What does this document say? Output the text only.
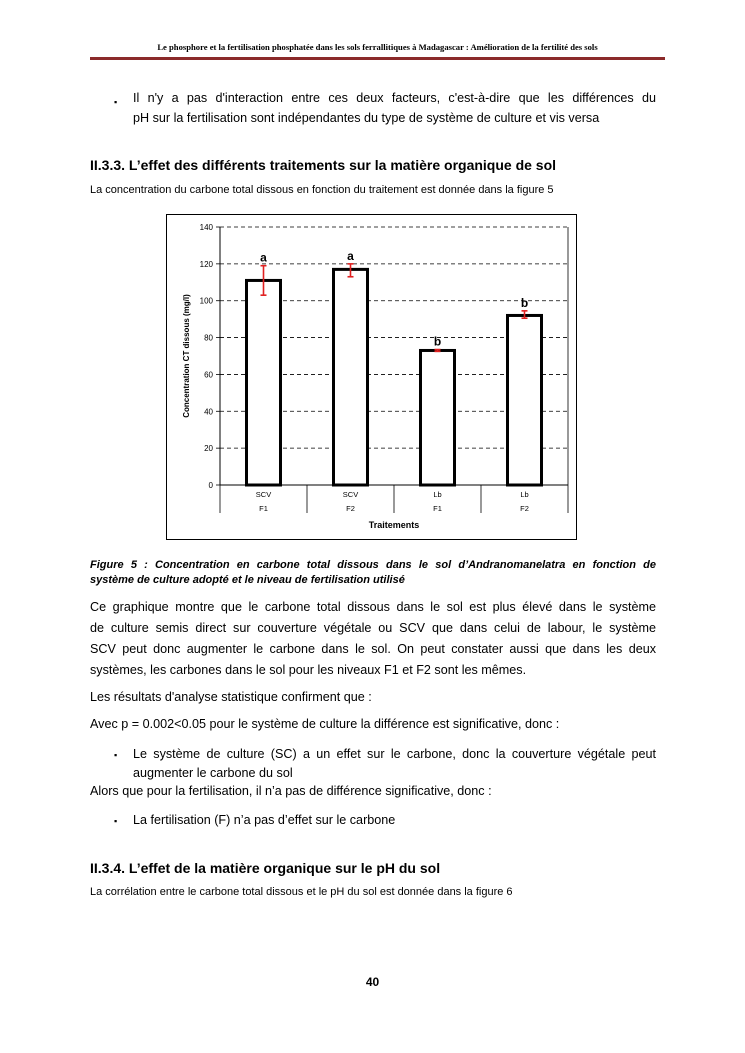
Le phosphore et la fertilisation phosphatée dans les sols ferrallitiques à Madagascar : Amélioration de la fertilité des sols
▪ Il n'y a pas d'interaction entre ces deux facteurs, c'est-à-dire que les différences du
pH sur la fertilisation sont indépendantes du type de système de culture et vis versa
II.3.3. L’effet des différents traitements sur la matière organique de sol
La concentration du carbone total dissous en fonction du traitement est donnée dans la figure 5
0
20
40
60
80
100
120
140
a
SCV
F1
a
SCV
F2
b
Lb
F1
b
Lb
F2
Traitements
Concentration CT dissous (mg/l)
Figure 5 : Concentration en carbone total dissous dans le sol d’Andranomanelatra en fonction de
système de culture adopté et le niveau de fertilisation utilisé
Ce graphique montre que le carbone total dissous dans le sol est plus élevé dans le système
de culture semis direct sur couverture végétale ou SCV que dans celui de labour, le système
SCV peut donc augmenter le carbone dans le sol. On peut constater aussi que dans les deux
systèmes, les carbones dans le sol pour les niveaux F1 et F2 sont les mêmes.
Les résultats d'analyse statistique confirment que :
Avec p = 0.002<0.05 pour le système de culture la différence est significative, donc :
▪ Le système de culture (SC) a un effet sur le carbone, donc la couverture végétale peut
augmenter le carbone du sol
Alors que pour la fertilisation, il n’a pas de différence significative, donc :
▪ La fertilisation (F) n’a pas d’effet sur le carbone
II.3.4. L’effet de la matière organique sur le pH du sol
La corrélation entre le carbone total dissous et le pH du sol est donnée dans la figure 6
40
